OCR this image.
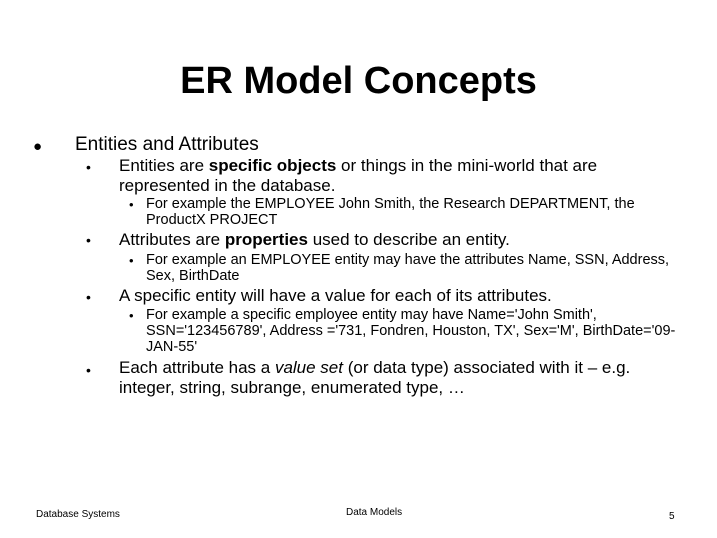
ER Model Concepts
● Entities and Attributes
• Entities are specific objects or things in the mini-world that are represented in the database.
• For example the EMPLOYEE John Smith, the Research DEPARTMENT, the ProductX PROJECT
• Attributes are properties used to describe an entity.
• For example an EMPLOYEE entity may have the attributes Name, SSN, Address, Sex, BirthDate
• A specific entity will have a value for each of its attributes.
• For example a specific employee entity may have Name='John Smith', SSN='123456789', Address ='731, Fondren, Houston, TX', Sex='M', BirthDate='09-JAN-55'
• Each attribute has a value set (or data type) associated with it – e.g. integer, string, subrange, enumerated type, …
Database Systems	Data Models	5
